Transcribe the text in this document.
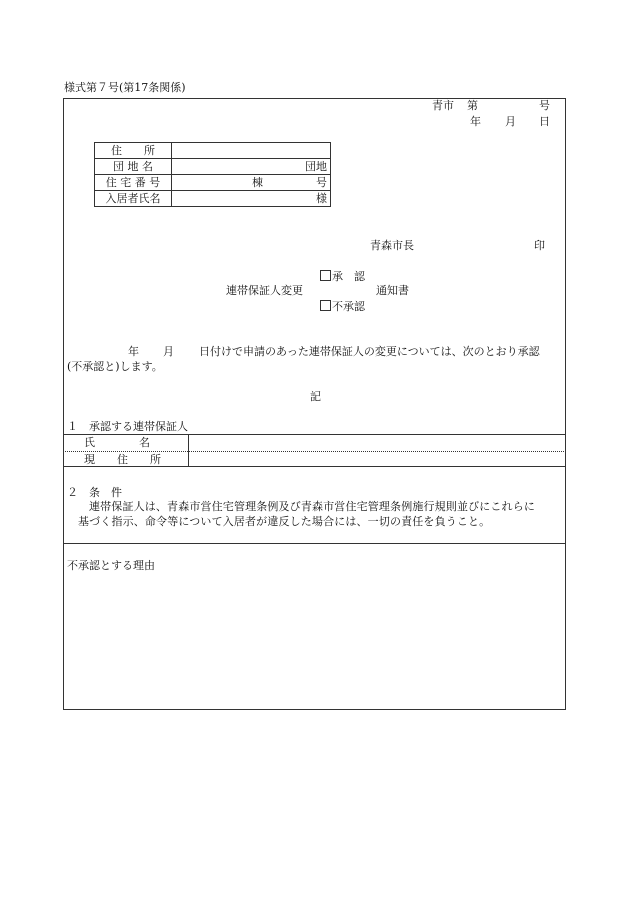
様式第７号(第17条関係)
青市 第	号
年 月 日
住　　所	
団 地 名	団地
住 宅 番 号	棟 号
入居者氏名	様
青森市長	印
承　認
連帯保証人変更	通知書
不承認
年 月 日付けで申請のあった連帯保証人の変更については、次のとおり承認
(不承認と)します。
記
１　承認する連帯保証人
氏　　　　名
現　　住　　所
２　条　件
連帯保証人は、青森市営住宅管理条例及び青森市営住宅管理条例施行規則並びにこれらに
基づく指示、命令等について入居者が違反した場合には、一切の責任を負うこと。
不承認とする理由
